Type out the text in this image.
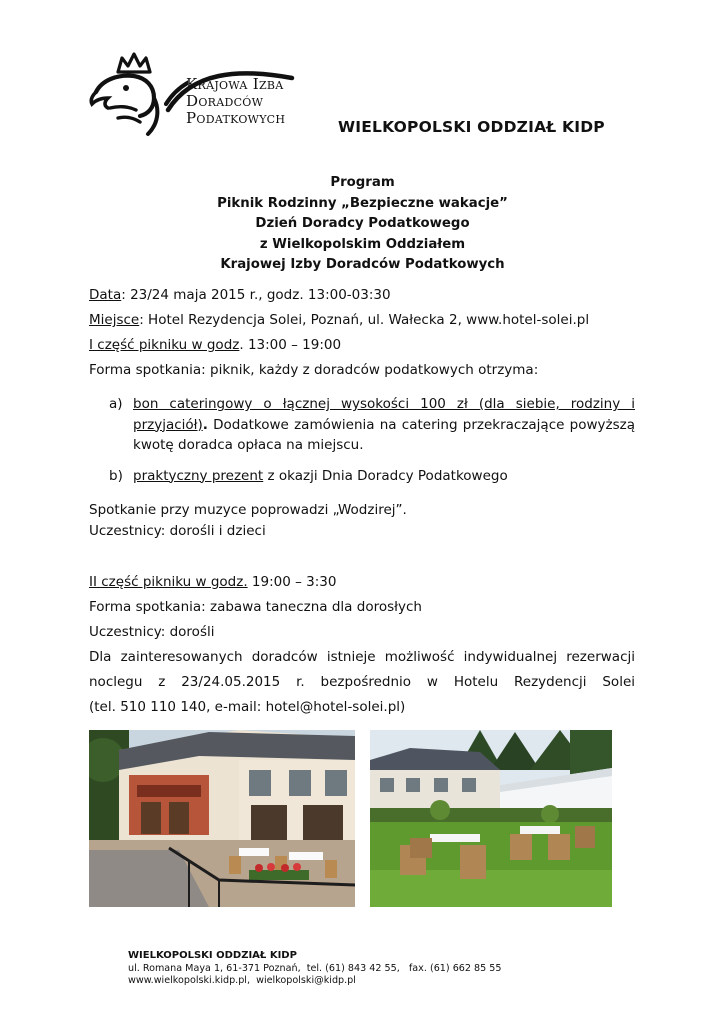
Krajowa Izba
Doradców
Podatkowych	WIELKOPOLSKI ODDZIAŁ KIDP
Program
Piknik Rodzinny „Bezpieczne wakacje”
Dzień Doradcy Podatkowego
z Wielkopolskim Oddziałem
Krajowej Izby Doradców Podatkowych
Data: 23/24 maja 2015 r., godz. 13:00-03:30
Miejsce: Hotel Rezydencja Solei, Poznań, ul. Wałecka 2, www.hotel-solei.pl
I część pikniku w godz. 13:00 – 19:00
Forma spotkania: piknik, każdy z doradców podatkowych otrzyma:
a) bon cateringowy o łącznej wysokości 100 zł (dla siebie, rodziny i przyjaciół). Dodatkowe zamówienia na catering przekraczające powyższą kwotę doradca opłaca na miejscu.
b) praktyczny prezent z okazji Dnia Doradcy Podatkowego
Spotkanie przy muzyce poprowadzi „Wodzirej”.
Uczestnicy: dorośli i dzieci
II część pikniku w godz. 19:00 – 3:30
Forma spotkania: zabawa taneczna dla dorosłych
Uczestnicy: dorośli
Dla zainteresowanych doradców istnieje możliwość indywidualnej rezerwacji noclegu z 23/24.05.2015 r. bezpośrednio w Hotelu Rezydencji Solei
(tel. 510 110 140, e-mail: hotel@hotel-solei.pl)
WIELKOPOLSKI ODDZIAŁ KIDP
ul. Romana Maya 1, 61-371 Poznań,  tel. (61) 843 42 55,   fax. (61) 662 85 55
www.wielkopolski.kidp.pl,  wielkopolski@kidp.pl
